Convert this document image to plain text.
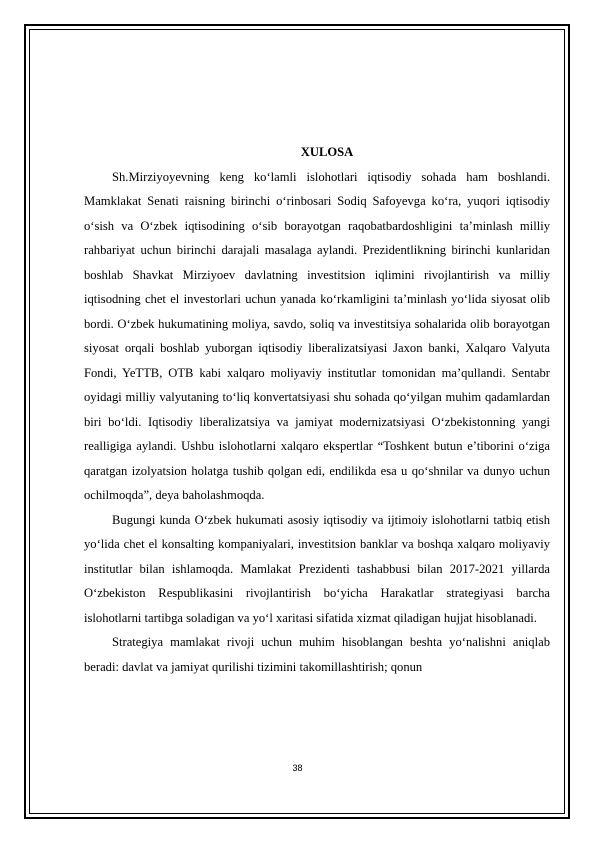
XULOSA

Sh.Mirziyoyevning keng ko‘lamli islohotlari iqtisodiy sohada ham boshlandi. Mamklakat Senati raisning birinchi o‘rinbosari Sodiq Safoyevga ko‘ra, yuqori iqtisodiy o‘sish va O‘zbek iqtisodining o‘sib borayotgan raqobatbardoshligini ta’minlash milliy rahbariyat uchun birinchi darajali masalaga aylandi. Prezidentlikning birinchi kunlaridan boshlab Shavkat Mirziyoev davlatning investitsion iqlimini rivojlantirish va milliy iqtisodning chet el investorlari uchun yanada ko‘rkamligini ta’minlash yo‘lida siyosat olib bordi. O‘zbek hukumatining moliya, savdo, soliq va investitsiya sohalarida olib borayotgan siyosat orqali boshlab yuborgan iqtisodiy liberalizatsiyasi Jaxon banki, Xalqaro Valyuta Fondi, YeTTB, OTB kabi xalqaro moliyaviy institutlar tomonidan ma’qullandi. Sentabr oyidagi milliy valyutaning to‘liq konvertatsiyasi shu sohada qo‘yilgan muhim qadamlardan biri bo‘ldi. Iqtisodiy liberalizatsiya va jamiyat modernizatsiyasi O‘zbekistonning yangi realligiga aylandi. Ushbu islohotlarni xalqaro ekspertlar “Toshkent butun e’tiborini o‘ziga qaratgan izolyatsion holatga tushib qolgan edi, endilikda esa u qo‘shnilar va dunyo uchun ochilmoqda”, deya baholashmoqda.

Bugungi kunda O‘zbek hukumati asosiy iqtisodiy va ijtimoiy islohotlarni tatbiq etish yo‘lida chet el konsalting kompaniyalari, investitsion banklar va boshqa xalqaro moliyaviy institutlar bilan ishlamoqda. Mamlakat Prezidenti tashabbusi bilan 2017-2021 yillarda O‘zbekiston Respublikasini rivojlantirish bo‘yicha Harakatlar strategiyasi barcha islohotlarni tartibga soladigan va yo‘l xaritasi sifatida xizmat qiladigan hujjat hisoblanadi.

Strategiya mamlakat rivoji uchun muhim hisoblangan beshta yo‘nalishni aniqlab beradi: davlat va jamiyat qurilishi tizimini takomillashtirish; qonun

38
